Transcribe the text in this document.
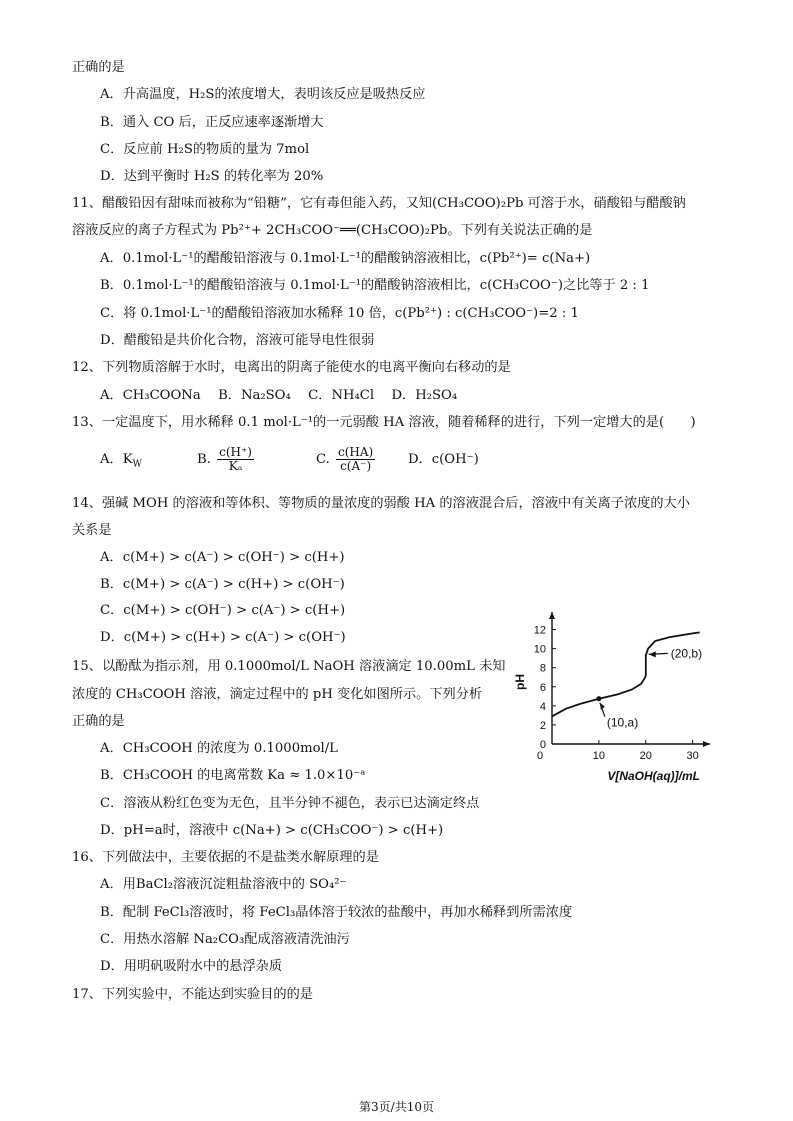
正确的是
A．升高温度，H₂S的浓度增大，表明该反应是吸热反应
B．通入 CO 后，正反应速率逐渐增大
C．反应前 H₂S的物质的量为 7mol
D．达到平衡时 H₂S 的转化率为 20%
11、醋酸铅因有甜味而被称为“铅糖”，它有毒但能入药，又知(CH₃COO)₂Pb 可溶于水，硝酸铅与醋酸钠
溶液反应的离子方程式为 Pb²⁺+ 2CH₃COO⁻══(CH₃COO)₂Pb。下列有关说法正确的是
A．0.1mol·L⁻¹的醋酸铅溶液与 0.1mol·L⁻¹的醋酸钠溶液相比，c(Pb²⁺)= c(Na+)
B．0.1mol·L⁻¹的醋酸铅溶液与 0.1mol·L⁻¹的醋酸钠溶液相比，c(CH₃COO⁻)之比等于 2 : 1
C．将 0.1mol·L⁻¹的醋酸铅溶液加水稀释 10 倍，c(Pb²⁺) : c(CH₃COO⁻)=2 : 1
D．醋酸铅是共价化合物，溶液可能导电性很弱
12、下列物质溶解于水时，电离出的阴离子能使水的电离平衡向右移动的是
A．CH₃COONa　 B．Na₂SO₄　 C．NH₄Cl　 D．H₂SO₄
13、一定温度下，用水稀释 0.1 mol·L⁻¹的一元弱酸 HA 溶液，随着稀释的进行，下列一定增大的是(　　)
A．$K_W$	B. $\frac{c(H^+)}{\text{Kₐ}}$	C. $\frac{c(HA)}{c(A^-)}$ D．c(OH⁻)
14、强碱 MOH 的溶液和等体积、等物质的量浓度的弱酸 HA 的溶液混合后，溶液中有关离子浓度的大小
关系是
A．c(M+) > c(A⁻) > c(OH⁻) > c(H+)
B．c(M+) > c(A⁻) > c(H+) > c(OH⁻)
C．c(M+) > c(OH⁻) > c(A⁻) > c(H+)
D．c(M+) > c(H+) > c(A⁻) > c(OH⁻)
15、以酚酞为指示剂，用 0.1000mol/L NaOH 溶液滴定 10.00mL 未知
浓度的 CH₃COOH 溶液，滴定过程中的 pH 变化如图所示。下列分析
正确的是
A．CH₃COOH 的浓度为 0.1000mol/L
B．CH₃COOH 的电离常数 Ka ≈ 1.0×10⁻ᵃ
C．溶液从粉红色变为无色，且半分钟不褪色，表示已达滴定终点
D．pH=a时，溶液中 c(Na+) > c(CH₃COO⁻) > c(H+)
16、下列做法中，主要依据的不是盐类水解原理的是
A．用BaCl₂溶液沉淀粗盐溶液中的 SO₄²⁻
B．配制 FeCl₃溶液时，将 FeCl₃晶体溶于较浓的盐酸中，再加水稀释到所需浓度
C．用热水溶解 Na₂CO₃配成溶液清洗油污
D．用明矾吸附水中的悬浮杂质
17、下列实验中，不能达到实验目的的是
0
2
4
6
8
10
12
0	10	20	30
pH
V[NaOH(aq)]/mL
(10,a)
(20,b)
第3页/共10页
